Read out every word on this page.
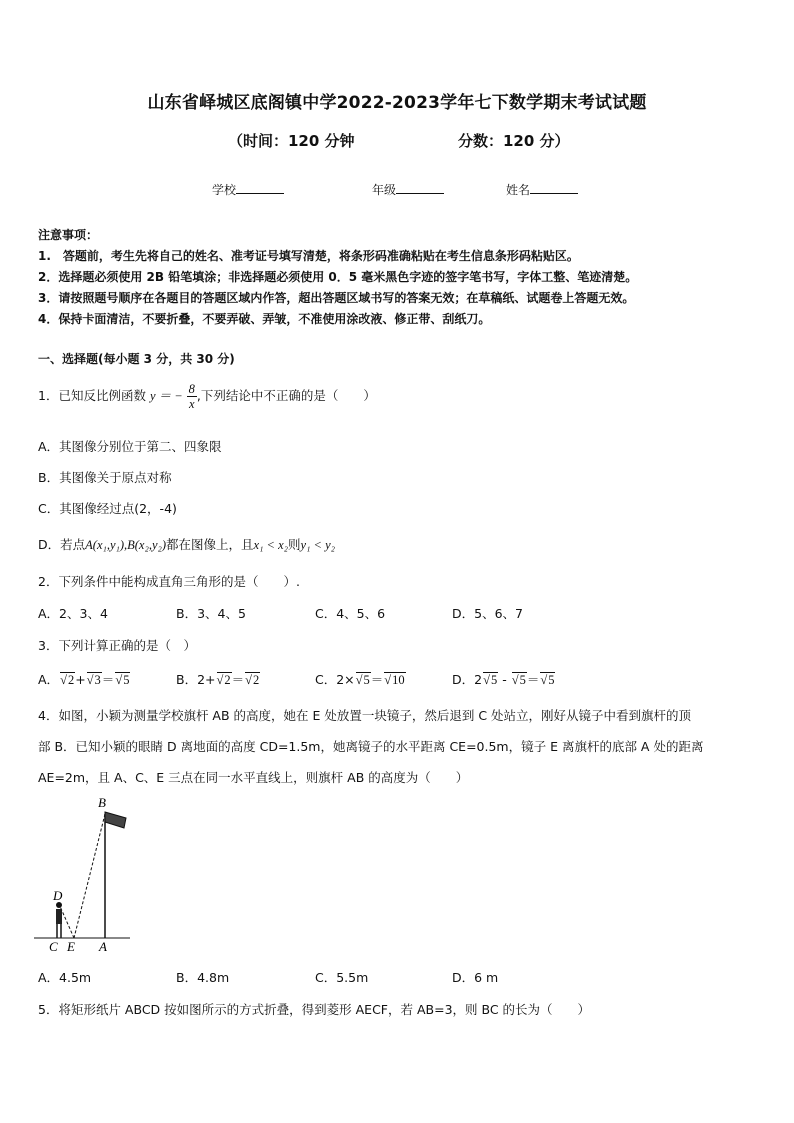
山东省峄城区底阁镇中学2022-2023学年七下数学期末考试试题
（时间：120 分钟	分数：120 分）
学校	年级	姓名
注意事项：
1.　答题前，考生先将自己的姓名、准考证号填写清楚，将条形码准确粘贴在考生信息条形码粘贴区。
2．选择题必须使用 2B 铅笔填涂；非选择题必须使用 0．5 毫米黑色字迹的签字笔书写，字体工整、笔迹清楚。
3．请按照题号顺序在各题目的答题区域内作答，超出答题区域书写的答案无效；在草稿纸、试题卷上答题无效。
4．保持卡面清洁，不要折叠，不要弄破、弄皱，不准使用涂改液、修正带、刮纸刀。
一、选择题(每小题 3 分，共 30 分)
1．已知反比例函数 y ＝ − $\frac{8}{x}$ ,下列结论中不正确的是（　　）
A．其图像分别位于第二、四象限
B．其图像关于原点对称
C．其图像经过点(2，-4)
D．若点A(x₁,y₁),B(x₂,y₂)都在图像上，且x₁ < x₂则y₁ < y₂
2．下列条件中能构成直角三角形的是（　　）.
A．2、3、4	B．3、4、5	C．4、5、6	D．5、6、7
3．下列计算正确的是（　）
A． √ 2+ √ 3＝ √ 5	B．2+ √ 2＝ √ 2	C．2× √ 5＝ √ 10	D．2 √ 5 - √ 5＝ √ 5
4．如图，小颖为测量学校旗杆 AB 的高度，她在 E 处放置一块镜子，然后退到 C 处站立，刚好从镜子中看到旗杆的顶
部 B．已知小颖的眼睛 D 离地面的高度 CD=1.5m，她离镜子的水平距离 CE=0.5m，镜子 E 离旗杆的底部 A 处的距离
AE=2m，且 A、C、E 三点在同一水平直线上，则旗杆 AB 的高度为（　　）
B
D
C E A
A．4.5m	B．4.8m	C．5.5m	D．6 m
5．将矩形纸片 ABCD 按如图所示的方式折叠，得到菱形 AECF，若 AB=3，则 BC 的长为（　　）
